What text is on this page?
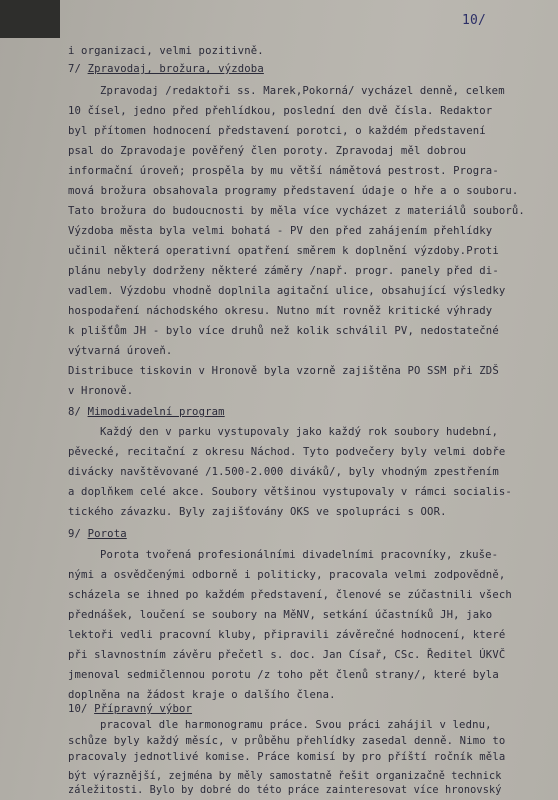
10/

i organizaci, velmi pozitivně.

7/ Zpravodaj, brožura, výzdoba

Zpravodaj /redaktoři ss. Marek,Pokorná/ vycházel denně, celkem

10 čísel, jedno před přehlídkou, poslední den dvě čísla. Redaktor

byl přítomen hodnocení představení porotci, o každém představení

psal do Zpravodaje pověřený člen poroty. Zpravodaj měl dobrou

informační úroveň; prospěla by mu větší námětová pestrost. Progra-

mová brožura obsahovala programy představení údaje o hře a o souboru.

Tato brožura do budoucnosti by měla více vycházet z materiálů souborů.

Výzdoba města byla velmi bohatá - PV den před zahájením přehlídky

učinil některá operativní opatření směrem k doplnění výzdoby.Proti

plánu nebyly dodrženy některé záměry /např. progr. panely před di-

vadlem. Výzdobu vhodně doplnila agitační ulice, obsahující výsledky

hospodaření náchodského okresu. Nutno mít rovněž kritické výhrady

k plišťům JH - bylo více druhů než kolik schválil PV, nedostatečné

výtvarná úroveň.

Distribuce tiskovin v Hronově byla vzorně zajištěna PO SSM při ZDŠ

v Hronově.

8/ Mimodivadelní program

Každý den v parku vystupovaly jako každý rok soubory hudební,

pěvecké, recitační z okresu Náchod. Tyto podvečery byly velmi dobře

divácky navštěvované /1.500-2.000 diváků/, byly vhodným zpestřením

a doplňkem celé akce. Soubory většinou vystupovaly v rámci socialis-

tického závazku. Byly zajišťovány OKS ve spolupráci s OOR.

9/ Porota

Porota tvořená profesionálními divadelními pracovníky, zkuše-

nými a osvědčenými odborně i politicky, pracovala velmi zodpovědně,

scházela se ihned po každém představení, členové se zúčastnili všech

přednášek, loučení se soubory na MěNV, setkání účastníků JH, jako

lektoři vedli pracovní kluby, připravili závěrečné hodnocení, které

při slavnostním závěru přečetl s. doc. Jan Císař, CSc. Ředitel ÚKVČ

jmenoval sedmičlennou porotu /z toho pět členů strany/, které byla

doplněna na žádost kraje o dalšího člena.

10/ Přípravný výbor

pracoval dle harmonogramu práce. Svou práci zahájil v lednu,

schůze byly každý měsíc, v průběhu přehlídky zasedal denně. Nimo to

pracovaly jednotlivé komise. Práce komisí by pro příští ročník měla

být výraznější, zejména by měly samostatně řešit organizačně technick

záležitosti. Bylo by dobré do této práce zainteresovat více hronovský
